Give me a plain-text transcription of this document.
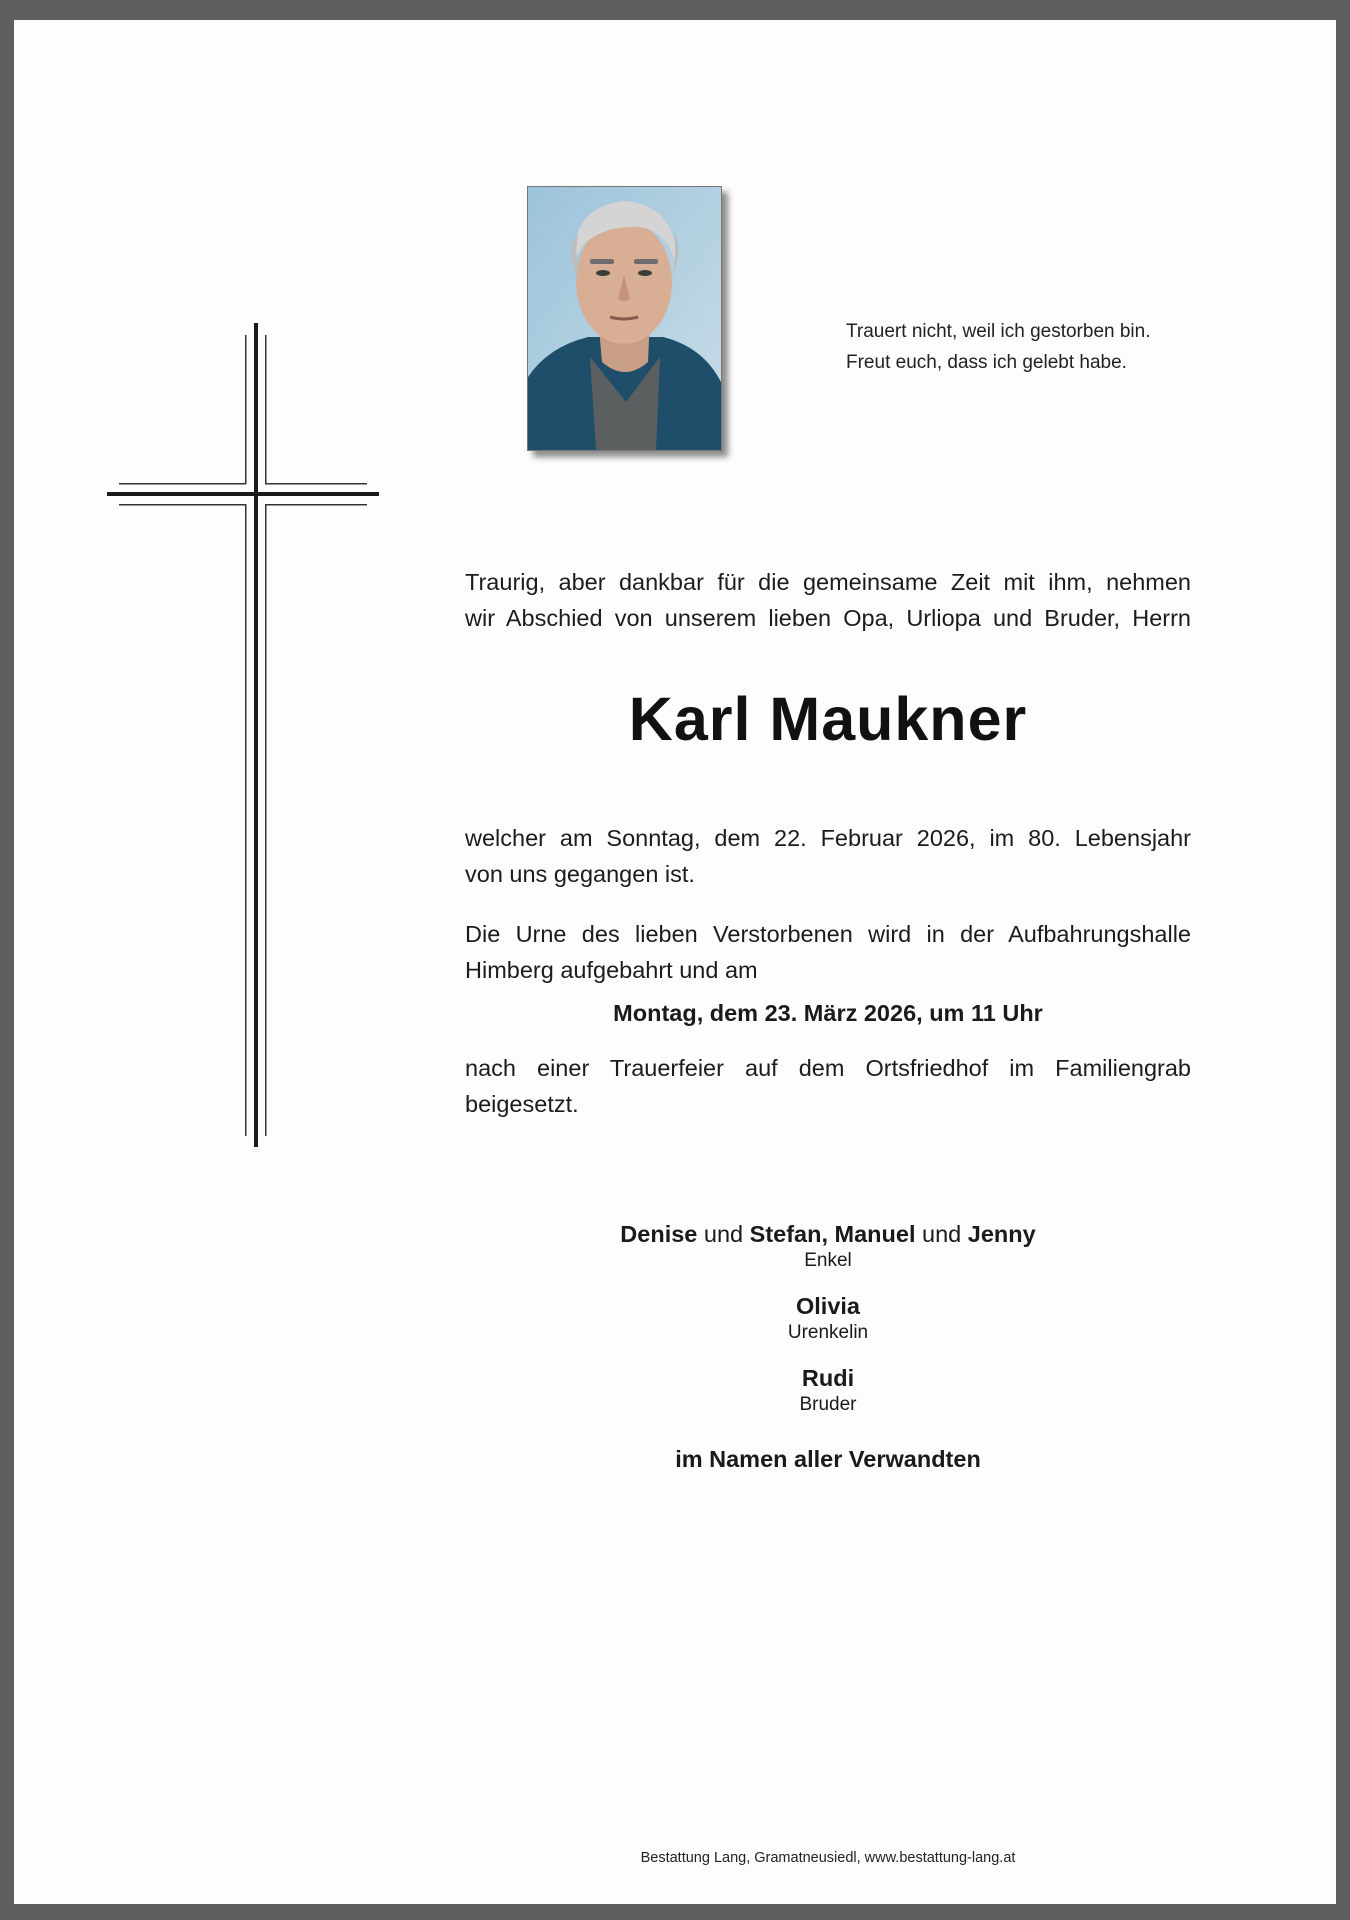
Trauert nicht, weil ich gestorben bin.
Freut euch, dass ich gelebt habe.
Traurig, aber dankbar für die gemeinsame Zeit mit ihm, nehmen
wir Abschied von unserem lieben Opa, Urliopa und Bruder, Herrn
Karl Maukner
welcher am Sonntag, dem 22. Februar 2026, im 80. Lebensjahr
von uns gegangen ist.
Die Urne des lieben Verstorbenen wird in der Aufbahrungshalle
Himberg aufgebahrt und am
Montag, dem 23. März 2026, um 11 Uhr
nach einer Trauerfeier auf dem Ortsfriedhof im Familiengrab
beigesetzt.
Denise und Stefan, Manuel und Jenny
Enkel
Olivia
Urenkelin
Rudi
Bruder
im Namen aller Verwandten
Bestattung Lang, Gramatneusiedl, www.bestattung-lang.at
